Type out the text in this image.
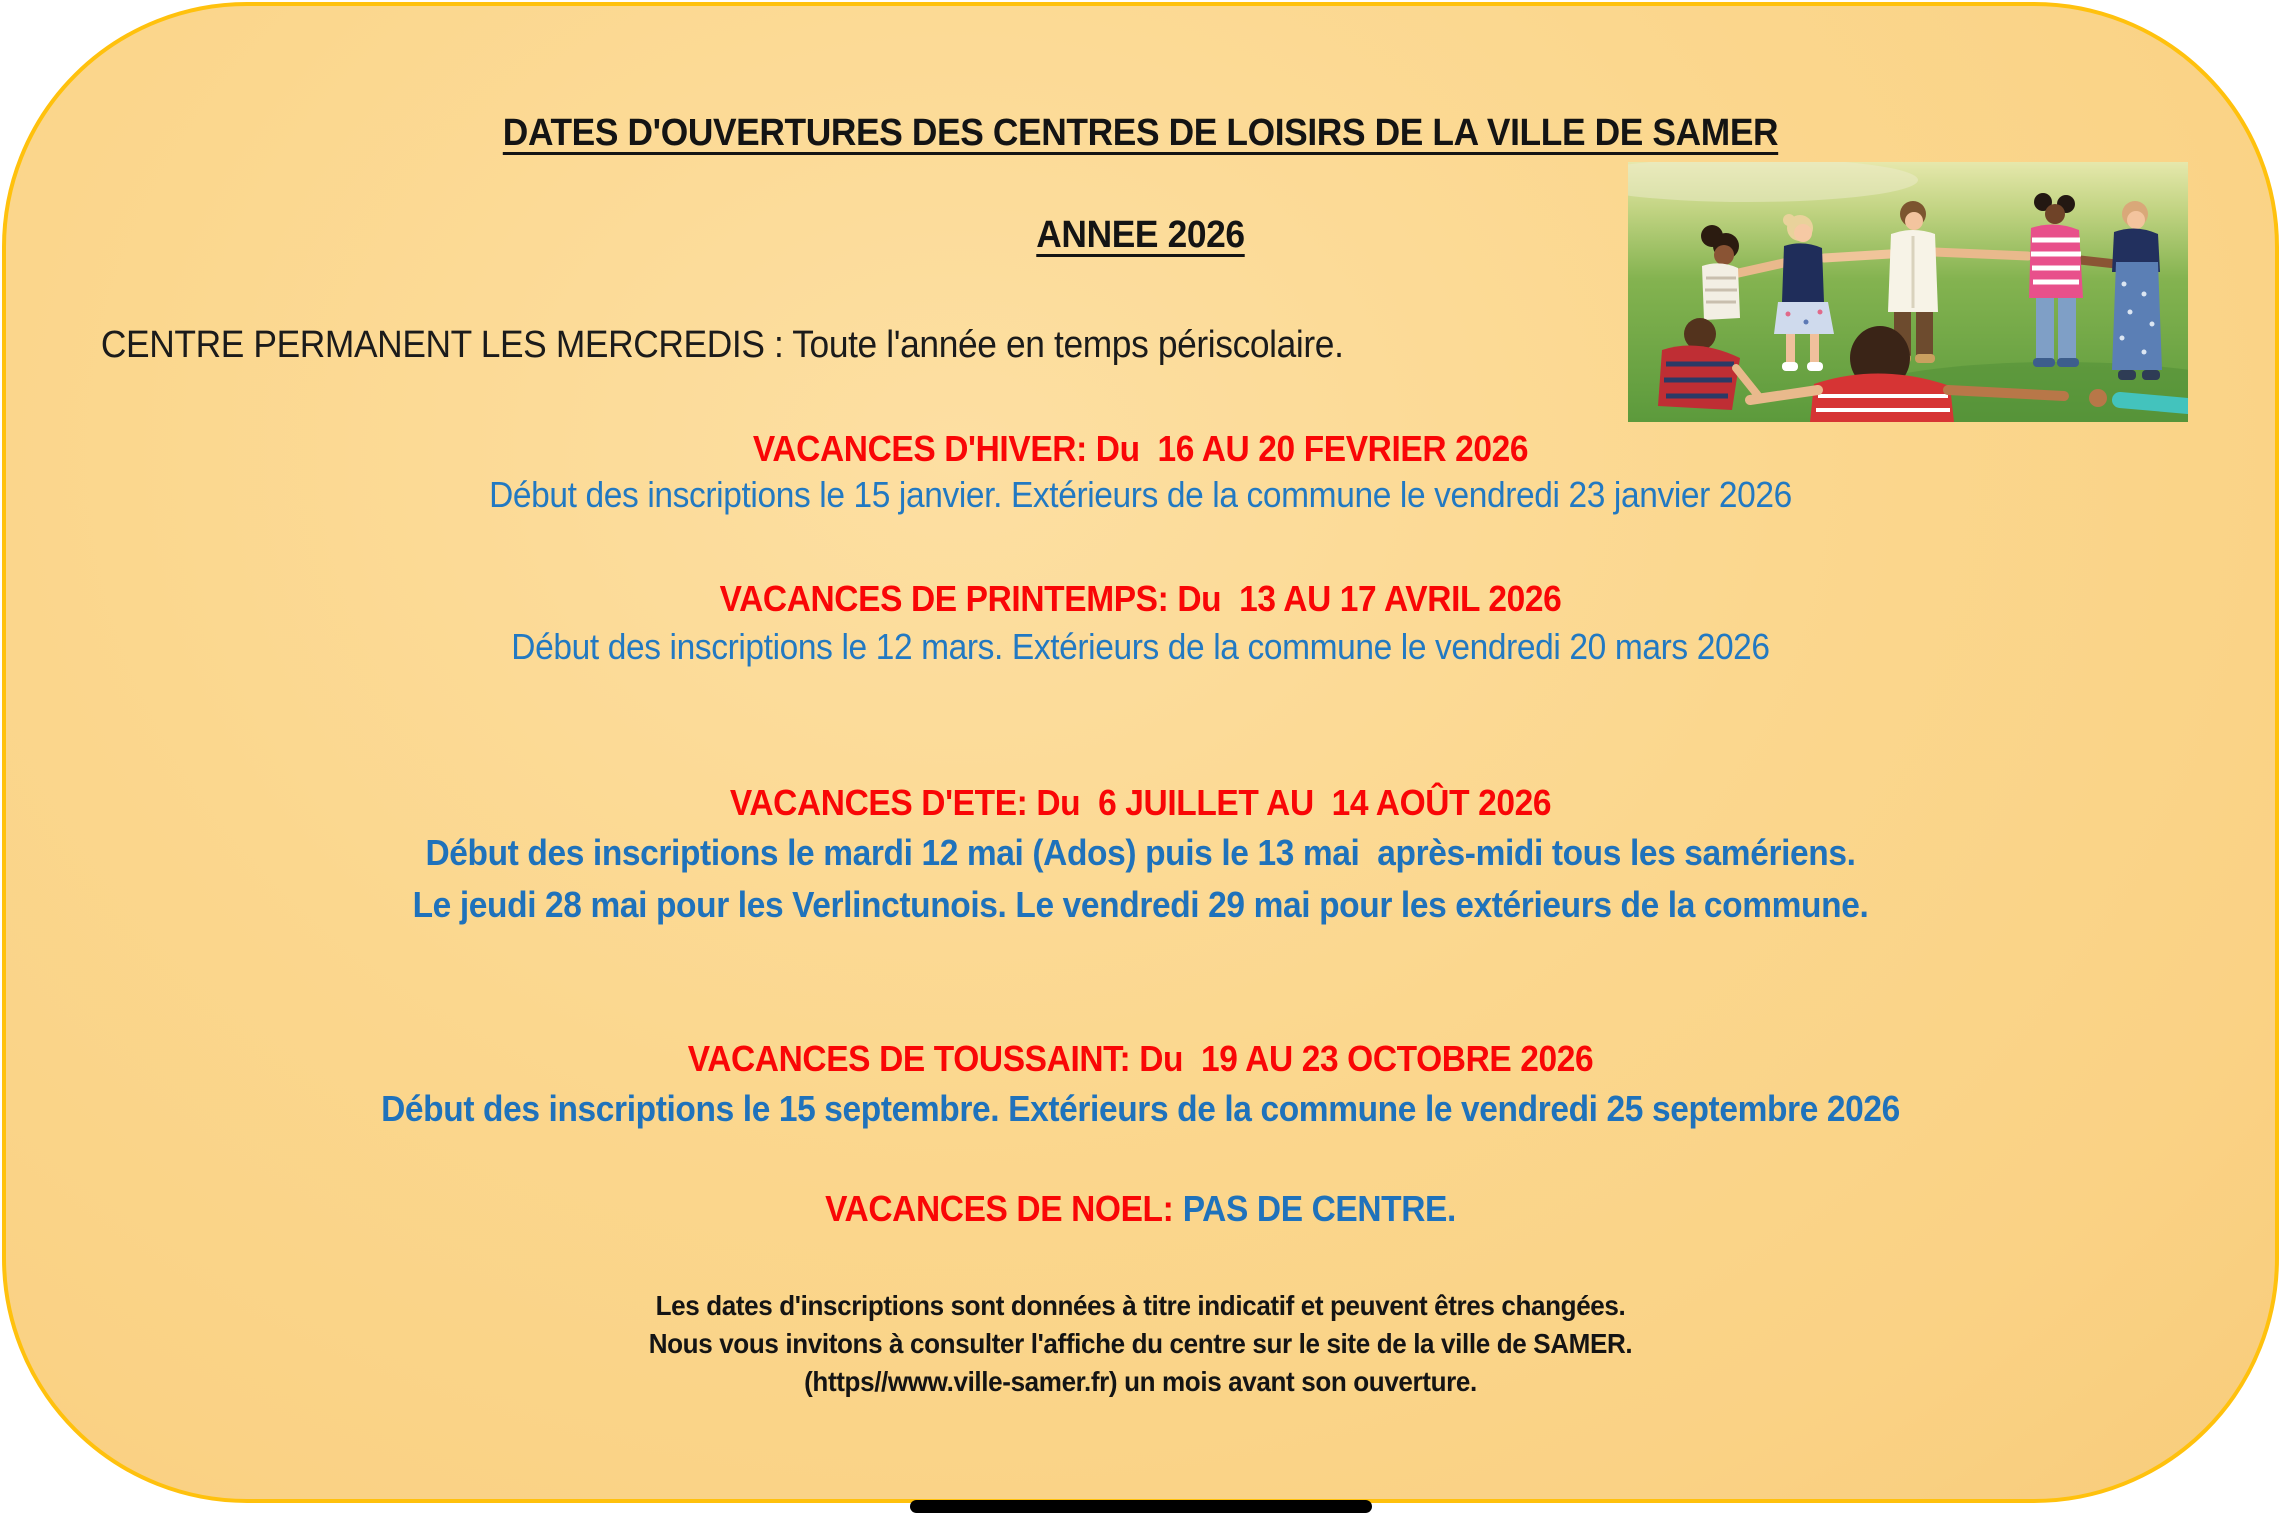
DATES D'OUVERTURES DES CENTRES DE LOISIRS DE LA VILLE DE SAMER
ANNEE 2026
CENTRE PERMANENT LES MERCREDIS : Toute l'année en temps périscolaire.
VACANCES D'HIVER: Du  16 AU 20 FEVRIER 2026
Début des inscriptions le 15 janvier. Extérieurs de la commune le vendredi 23 janvier 2026
VACANCES DE PRINTEMPS: Du  13 AU 17 AVRIL 2026
Début des inscriptions le 12 mars. Extérieurs de la commune le vendredi 20 mars 2026
VACANCES D'ETE: Du  6 JUILLET AU  14 AOÛT 2026
Début des inscriptions le mardi 12 mai (Ados) puis le 13 mai  après-midi tous les samériens.
Le jeudi 28 mai pour les Verlinctunois. Le vendredi 29 mai pour les extérieurs de la commune.
VACANCES DE TOUSSAINT: Du  19 AU 23 OCTOBRE 2026
Début des inscriptions le 15 septembre. Extérieurs de la commune le vendredi 25 septembre 2026
VACANCES DE NOEL: PAS DE CENTRE.
Les dates d'inscriptions sont données à titre indicatif et peuvent êtres changées.
Nous vous invitons à consulter l'affiche du centre sur le site de la ville de SAMER.
(https//www.ville-samer.fr) un mois avant son ouverture.
